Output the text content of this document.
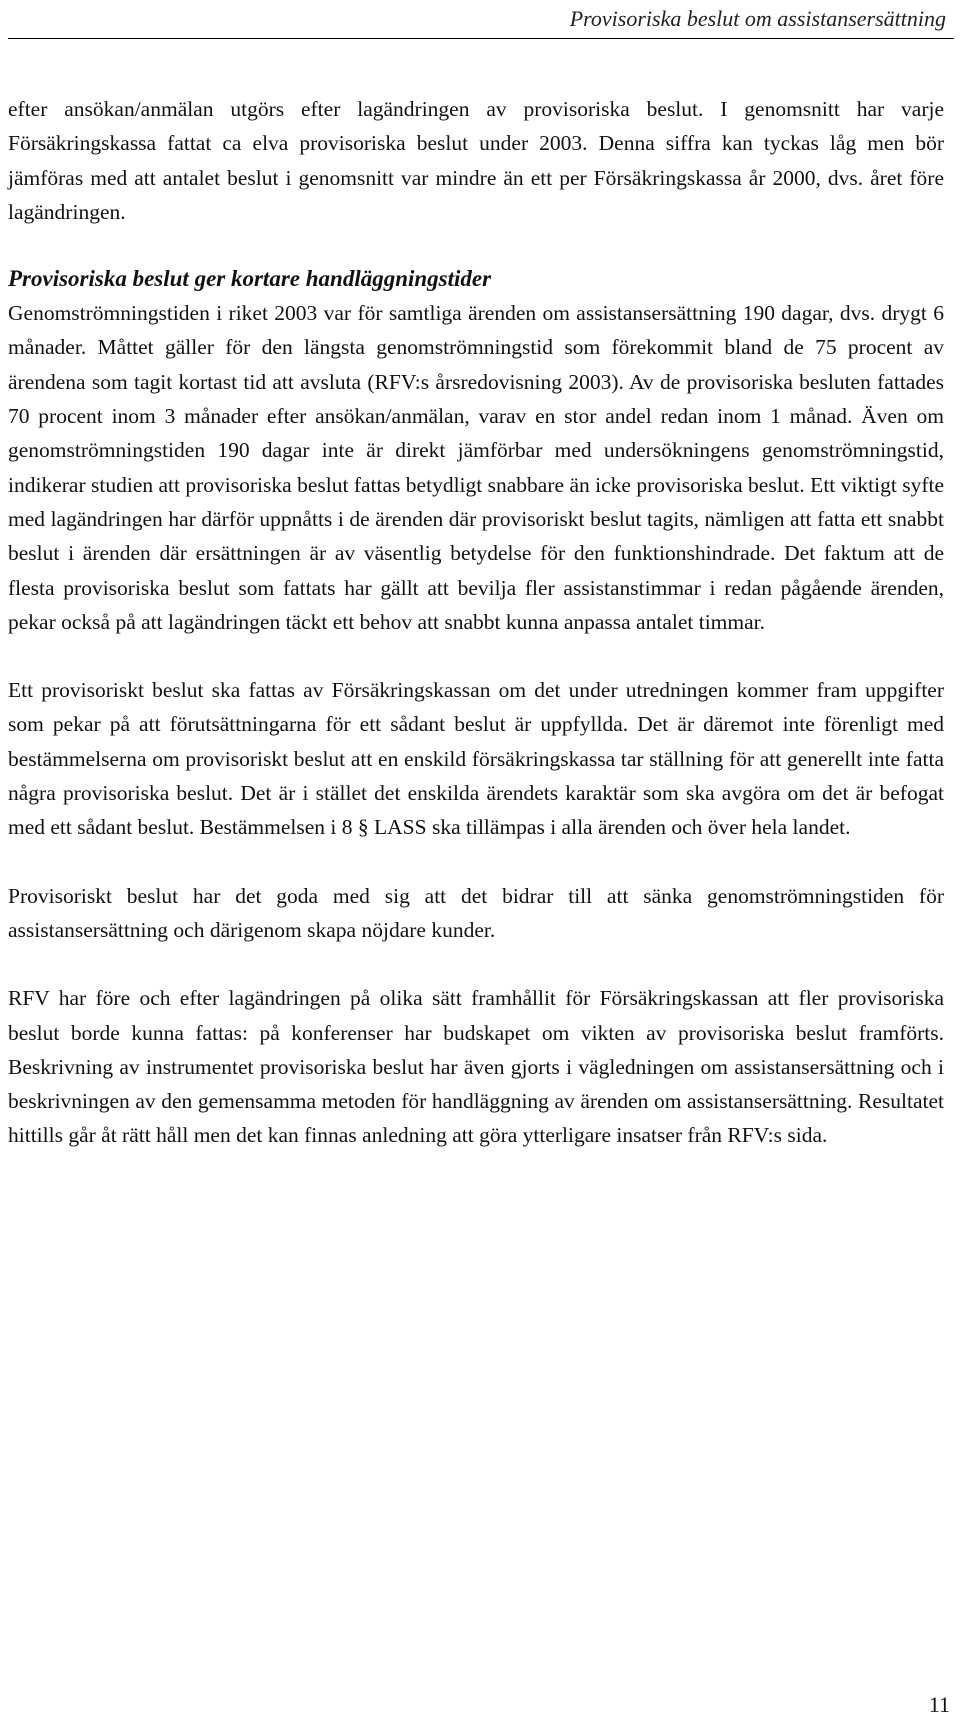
Provisoriska beslut om assistansersättning

efter ansökan/anmälan utgörs efter lagändringen av provisoriska beslut. I genomsnitt har varje Försäkringskassa fattat ca elva provisoriska beslut under 2003. Denna siffra kan tyckas låg men bör jämföras med att antalet beslut i genomsnitt var mindre än ett per Försäkringskassa år 2000, dvs. året före lagändringen.

Provisoriska beslut ger kortare handläggningstider

Genomströmningstiden i riket 2003 var för samtliga ärenden om assistansersättning 190 dagar, dvs. drygt 6 månader. Måttet gäller för den längsta genomströmningstid som förekommit bland de 75 procent av ärendena som tagit kortast tid att avsluta (RFV:s årsredovisning 2003). Av de provisoriska besluten fattades 70 procent inom 3 månader efter ansökan/anmälan, varav en stor andel redan inom 1 månad. Även om genomströmningstiden 190 dagar inte är direkt jämförbar med undersökningens genomströmningstid, indikerar studien att provisoriska beslut fattas betydligt snabbare än icke provisoriska beslut. Ett viktigt syfte med lagändringen har därför uppnåtts i de ärenden där provisoriskt beslut tagits, nämligen att fatta ett snabbt beslut i ärenden där ersättningen är av väsentlig betydelse för den funktionshindrade. Det faktum att de flesta provisoriska beslut som fattats har gällt att bevilja fler assistanstimmar i redan pågående ärenden, pekar också på att lagändringen täckt ett behov att snabbt kunna anpassa antalet timmar.

Ett provisoriskt beslut ska fattas av Försäkringskassan om det under utredningen kommer fram uppgifter som pekar på att förutsättningarna för ett sådant beslut är uppfyllda. Det är däremot inte förenligt med bestämmelserna om provisoriskt beslut att en enskild försäkringskassa tar ställning för att generellt inte fatta några provisoriska beslut. Det är i stället det enskilda ärendets karaktär som ska avgöra om det är befogat med ett sådant beslut. Bestämmelsen i 8 § LASS ska tillämpas i alla ärenden och över hela landet.

Provisoriskt beslut har det goda med sig att det bidrar till att sänka genomströmningstiden för assistansersättning och därigenom skapa nöjdare kunder.

RFV har före och efter lagändringen på olika sätt framhållit för Försäkringskassan att fler provisoriska beslut borde kunna fattas: på konferenser har budskapet om vikten av provisoriska beslut framförts. Beskrivning av instrumentet provisoriska beslut har även gjorts i vägledningen om assistansersättning och i beskrivningen av den gemensamma metoden för handläggning av ärenden om assistansersättning. Resultatet hittills går åt rätt håll men det kan finnas anledning att göra ytterligare insatser från RFV:s sida.

11
